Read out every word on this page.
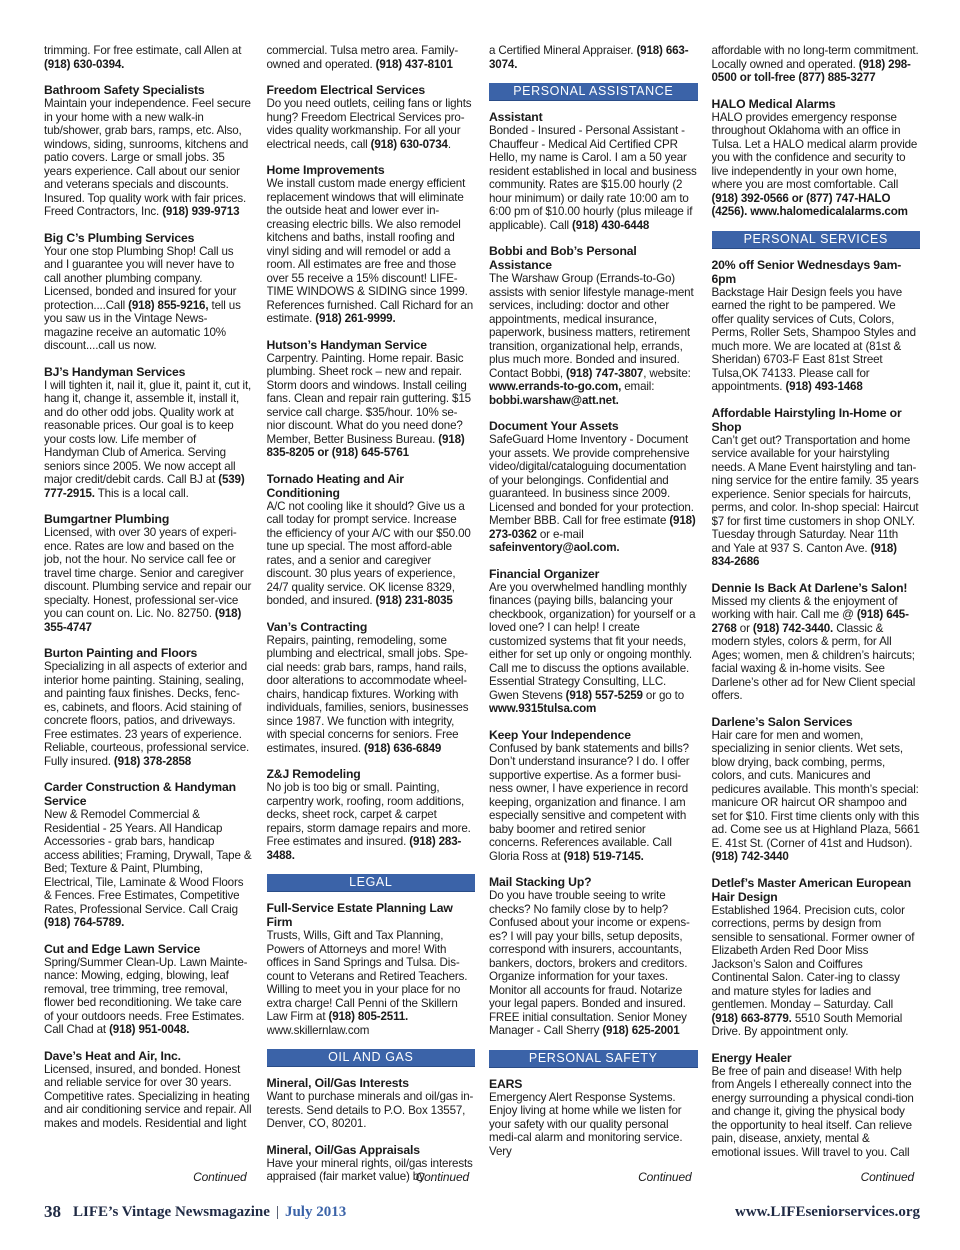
trimming. For free estimate, call Allen at (918) 630-0394.

Bathroom Safety Specialists

Maintain your independence. Feel secure in your home with a new walk-in tub/shower, grab bars, ramps, etc. Also, windows, siding, sunrooms, kitchens and patio covers. Large or small jobs. 35 years experience. Call about our senior and veterans specials and discounts. Insured. Top quality work with fair prices. Freed Contractors, Inc. (918) 939-9713

Big C’s Plumbing Services

Your one stop Plumbing Shop! Call us and I guarantee you will never have to call another plumbing company. Licensed, bonded and insured for your protection....Call (918) 855-9216, tell us you saw us in the Vintage News-magazine receive an automatic 10% discount....call us now.

BJ’s Handyman Services

I will tighten it, nail it, glue it, paint it, cut it, hang it, change it, assemble it, install it, and do other odd jobs. Quality work at reasonable prices. Our goal is to keep your costs low. Life member of Handyman Club of America. Serving seniors since 2005. We now accept all major credit/debit cards. Call BJ at (539) 777-2915. This is a local call.

Bumgartner Plumbing

Licensed, with over 30 years of experi-ence. Rates are low and based on the job, not the hour. No service call fee or travel time charge. Senior and caregiver discount. Plumbing service and repair our specialty. Honest, professional ser-vice you can count on. Lic. No. 82750. (918) 355-4747

Burton Painting and Floors

Specializing in all aspects of exterior and interior home painting. Staining, sealing, and painting faux finishes. Decks, fenc-es, cabinets, and floors. Acid staining of concrete floors, patios, and driveways. Free estimates. 23 years of experience. Reliable, courteous, professional service. Fully insured. (918) 378-2858

Carder Construction & Handyman Service

New & Remodel Commercial & Residential - 25 Years. All Handicap Accessories - grab bars, handicap access abilities; Framing, Drywall, Tape & Bed; Texture & Paint, Plumbing, Electrical, Tile, Laminate & Wood Floors & Fences. Free Estimates, Competitive Rates, Professional Service. Call Craig (918) 764-5789.

Cut and Edge Lawn Service

Spring/Summer Clean-Up. Lawn Mainte-nance: Mowing, edging, blowing, leaf removal, tree trimming, tree removal, flower bed reconditioning. We take care of your outdoors needs. Free Estimates. Call Chad at (918) 951-0048.

Dave’s Heat and Air, Inc.

Licensed, insured, and bonded. Honest and reliable service for over 30 years. Competitive rates. Specializing in heating and air conditioning service and repair. All makes and models. Residential and light

Continued

commercial. Tulsa metro area. Family-owned and operated. (918) 437-8101

Freedom Electrical Services

Do you need outlets, ceiling fans or lights hung? Freedom Electrical Services pro-vides quality workmanship. For all your electrical needs, call (918) 630-0734.

Home Improvements

We install custom made energy efficient replacement windows that will eliminate the outside heat and lower ever in-creasing electric bills. We also remodel kitchens and baths, install roofing and vinyl siding and will remodel or add a room. All estimates are free and those over 55 receive a 15% discount! LIFE-TIME WINDOWS & SIDING since 1999. References furnished. Call Richard for an estimate. (918) 261-9999.

Hutson’s Handyman Service

Carpentry. Painting. Home repair. Basic plumbing. Sheet rock – new and repair. Storm doors and windows. Install ceiling fans. Clean and repair rain guttering. $15 service call charge. $35/hour. 10% se-nior discount. What do you need done? Member, Better Business Bureau. (918) 835-8205 or (918) 645-5761

Tornado Heating and Air Conditioning

A/C not cooling like it should? Give us a call today for prompt service. Increase the efficiency of your A/C with our $50.00 tune up special. The most afford-able rates, and a senior and caregiver discount. 30 plus years of experience, 24/7 quality service. OK license 8329, bonded, and insured. (918) 231-8035

Van’s Contracting

Repairs, painting, remodeling, some plumbing and electrical, small jobs. Spe-cial needs: grab bars, ramps, hand rails, door alterations to accommodate wheel-chairs, handicap fixtures. Working with individuals, families, seniors, businesses since 1987. We function with integrity, with special concerns for seniors. Free estimates, insured. (918) 636-6849

Z&J Remodeling

No job is too big or small. Painting, carpentry work, roofing, room additions, decks, sheet rock, carpet & carpet repairs, storm damage repairs and more. Free estimates and insured. (918) 283-3488.

LEGAL
Full-Service Estate Planning Law Firm

Trusts, Wills, Gift and Tax Planning, Powers of Attorneys and more! With offices in Sand Springs and Tulsa. Dis-count to Veterans and Retired Teachers. Willing to meet you in your place for no extra charge! Call Penni of the Skillern Law Firm at (918) 805-2511. www.skillernlaw.com

OIL AND GAS
Mineral, Oil/Gas Interests

Want to purchase minerals and oil/gas in-terests. Send details to P.O. Box 13557, Denver, CO, 80201.

Mineral, Oil/Gas Appraisals

Have your mineral rights, oil/gas interests appraised (fair market value) by

Continued

a Certified Mineral Appraiser. (918) 663-3074.

PERSONAL ASSISTANCE
Assistant

Bonded - Insured - Personal Assistant - Chauffeur - Medical Aid Certified CPR Hello, my name is Carol. I am a 50 year resident established in local and business community. Rates are $15.00 hourly (2 hour minimum) or daily rate 10:00 am to 6:00 pm of $10.00 hourly (plus mileage if applicable). Call (918) 430-6448

Bobbi and Bob’s Personal Assistance

The Warshaw Group (Errands-to-Go) assists with senior lifestyle manage-ment services, including: doctor and other appointments, medical insurance, paperwork, business matters, retirement transition, organizational help, errands, plus much more. Bonded and insured. Contact Bobbi, (918) 747-3807, website: www.errands-to-go.com, email: bobbi.warshaw@att.net.

Document Your Assets

SafeGuard Home Inventory - Document your assets. We provide comprehensive video/digital/cataloguing documentation of your belongings. Confidential and guaranteed. In business since 2009. Licensed and bonded for your protection. Member BBB. Call for free estimate (918) 273-0362 or e-mail safeinventory@aol.com.

Financial Organizer

Are you overwhelmed handling monthly finances (paying bills, balancing your checkbook, organization) for yourself or a loved one? I can help! I create customized systems that fit your needs, either for set up only or ongoing monthly. Call me to discuss the options available. Essential Strategy Consulting, LLC. Gwen Stevens (918) 557-5259 or go to www.9315tulsa.com

Keep Your Independence

Confused by bank statements and bills? Don’t understand insurance? I do. I offer supportive expertise. As a former busi-ness owner, I have experience in record keeping, organization and finance. I am especially sensitive and competent with baby boomer and retired senior concerns. References available. Call Gloria Ross at (918) 519-7145.

Mail Stacking Up?

Do you have trouble seeing to write checks? No family close by to help? Confused about your income or expens-es? I will pay your bills, setup deposits, correspond with insurers, accountants, bankers, doctors, brokers and creditors. Organize information for your taxes. Monitor all accounts for fraud. Notarize your legal papers. Bonded and insured. FREE initial consultation. Senior Money Manager - Call Sherry (918) 625-2001

PERSONAL SAFETY
EARS

Emergency Alert Response Systems. Enjoy living at home while we listen for your safety with our quality personal medi-cal alarm and monitoring service. Very

Continued

affordable with no long-term commitment. Locally owned and operated. (918) 298-0500 or toll-free (877) 885-3277

HALO Medical Alarms

HALO provides emergency response throughout Oklahoma with an office in Tulsa. Let a HALO medical alarm provide you with the confidence and security to live independently in your own home, where you are most comfortable. Call (918) 392-0566 or (877) 747-HALO (4256). www.halomedicalalarms.com

PERSONAL SERVICES
20% off Senior Wednesdays 9am-6pm

Backstage Hair Design feels you have earned the right to be pampered. We offer quality services of Cuts, Colors, Perms, Roller Sets, Shampoo Styles and much more. We are located at (81st & Sheridan) 6703-F East 81st Street Tulsa,OK 74133. Please call for appointments. (918) 493-1468

Affordable Hairstyling In-Home or Shop

Can’t get out? Transportation and home service available for your hairstyling needs. A Mane Event hairstyling and tan-ning service for the entire family. 35 years experience. Senior specials for haircuts, perms, and color. In-shop special: Haircut $7 for first time customers in shop ONLY. Tuesday through Saturday. Near 11th and Yale at 937 S. Canton Ave. (918) 834-2686

Dennie Is Back At Darlene’s Salon!

Missed my clients & the enjoyment of working with hair. Call me @ (918) 645-2768 or (918) 742-3440. Classic & modern styles, colors & perm, for All Ages; women, men & children’s haircuts; facial waxing & in-home visits. See Darlene’s other ad for New Client special offers.

Darlene’s Salon Services

Hair care for men and women, specializing in senior clients. Wet sets, blow drying, back combing, perms, colors, and cuts. Manicures and pedicures available. This month’s special: manicure OR haircut OR shampoo and set for $10. First time clients only with this ad. Come see us at Highland Plaza, 5661 E. 41st St. (Corner of 41st and Hudson). (918) 742-3440

Detlef’s Master American European Hair Design

Established 1964. Precision cuts, color corrections, perms by design from sensible to sensational. Former owner of Elizabeth Arden Red Door Miss Jackson’s Salon and Coiffures Continental Salon. Cater-ing to classy and mature styles for ladies and gentlemen. Monday – Saturday. Call (918) 663-8779. 5510 South Memorial Drive. By appointment only.

Energy Healer

Be free of pain and disease! With help from Angels I ethereally connect into the energy surrounding a physical condi-tion and change it, giving the physical body the opportunity to heal itself. Can relieve pain, disease, anxiety, mental & emotional issues. Will travel to you. Call

Continued
38 LIFE’s Vintage Newsmagazine | July 2013	www.LIFEseniorservices.org
